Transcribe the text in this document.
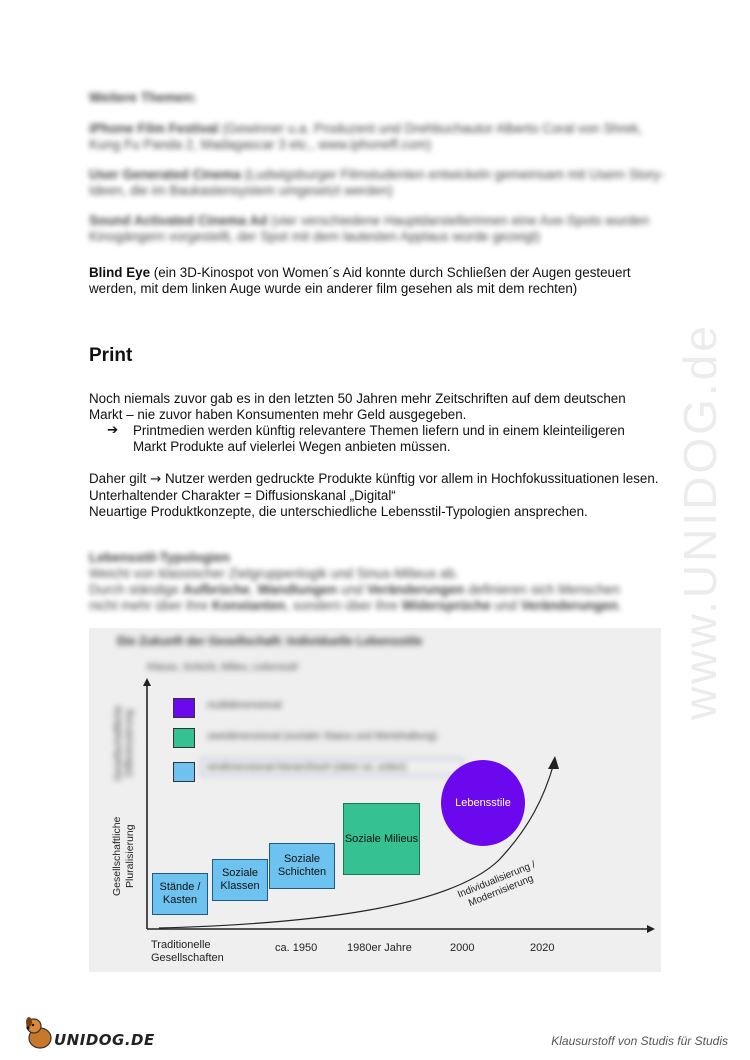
Weitere Themen:
iPhone Film Festival (Gewinner u.a. Produzent und Drehbuchautor Alberto Coral von Shrek, Kung Fu Panda 2, Madagascar 3 etc., www.iphoneff.com)
User Generated Cinema (Ludwigsburger Filmstudenten entwickeln gemeinsam mit Usern Story-Ideen, die im Baukastensystem umgesetzt werden)
Sound Activated Cinema Ad (vier verschiedene Hauptdarstellerinnen eine Axe-Spots wurden Kinogängern vorgestellt, der Spot mit dem lautesten Applaus wurde gezeigt)
Blind Eye (ein 3D-Kinospot von Women´s Aid konnte durch Schließen der Augen gesteuert werden, mit dem linken Auge wurde ein anderer film gesehen als mit dem rechten)
Print
Noch niemals zuvor gab es in den letzten 50 Jahren mehr Zeitschriften auf dem deutschen Markt – nie zuvor haben Konsumenten mehr Geld ausgegeben.
➔ Printmedien werden künftig relevantere Themen liefern und in einem kleinteiligeren Markt Produkte auf vielerlei Wegen anbieten müssen.
Daher gilt → Nutzer werden gedruckte Produkte künftig vor allem in Hochfokussituationen lesen.
Unterhaltender Charakter = Diffusionskanal „Digital“
Neuartige Produktkonzepte, die unterschiedliche Lebensstil-Typologien ansprechen.
Lebensstil-Typologien
Weicht von klassischer Zielgruppenlogik und Sinus-Milieus ab.
Durch ständige Aufbrüche, Wandlungen und Veränderungen definieren sich Menschen
nicht mehr über ihre Konstanten, sondern über ihre Widersprüche und Veränderungen.	www.UNIDOG.de
Die Zukunft der Gesellschaft: Individuelle Lebensstile
Klasse, Schicht, Milieu, Lebensstil
multidimensional
zweidimensional (sozialer Status und Wertehaltung)
eindimensional-hierarchisch (oben vs. unten)
Gesellschaftliche Differenzierung
Gesellschaftliche Pluralisierung	Stände / Kasten
Soziale Klassen
Soziale Schichten
Soziale Milieus
Lebensstile
Individualisierung / Modernisierung
Traditionelle Gesellschaften
ca. 1950	1980er Jahre	2000	2020
UNIDOG.DE	Klausurstoff von Studis für Studis
